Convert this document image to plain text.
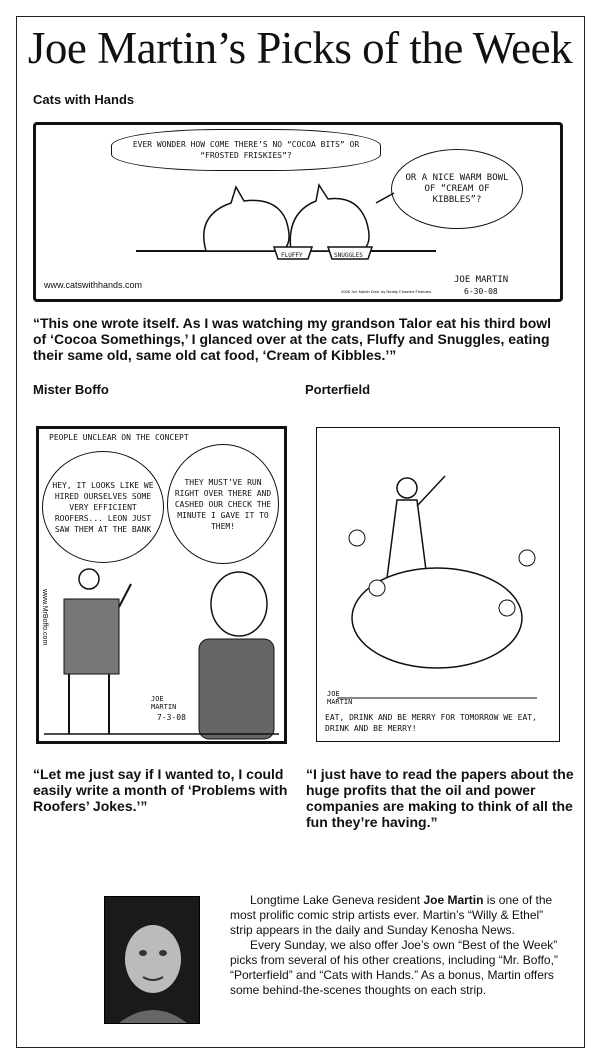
Joe Martin’s Picks of the Week
Cats with Hands
EVER WONDER HOW COME THERE’S NO “COCOA BITS” OR “FROSTED FRISKIES”?
OR A NICE WARM BOWL OF “CREAM OF KIBBLES”?
FLUFFY	SNUGGLES
www.catswithhands.com
2008 Joe Martin Distr. by Neatly Chiseled Features
JOE MARTIN
6-30-08
“This one wrote itself. As I was watching my grandson Talor eat his third bowl of ‘Cocoa Somethings,’ I glanced over at the cats, Fluffy and Snuggles, eating their same old, same old cat food, ‘Cream of Kibbles.’”
Mister Boffo
PEOPLE UNCLEAR ON THE CONCEPT
HEY, IT LOOKS LIKE WE HIRED OURSELVES SOME VERY EFFICIENT ROOFERS... LEON JUST SAW THEM AT THE BANK
THEY MUST’VE RUN RIGHT OVER THERE AND CASHED OUR CHECK THE MINUTE I GAVE IT TO THEM!
www.MrBoffo.com
JOE MARTIN
7-3-08
“Let me just say if I wanted to, I could easily write a month of ‘Problems with Roofers’ Jokes.’”
Porterfield
JOE MARTIN
EAT, DRINK AND BE MERRY FOR TOMORROW WE EAT, DRINK AND BE MERRY!
“I just have to read the papers about the huge profits that the oil and power companies are making to think of all the fun they’re having.”

Longtime Lake Geneva resident Joe Martin is one of the most prolific comic strip artists ever. Martin’s “Willy & Ethel” strip appears in the daily and Sunday Kenosha News.

Every Sunday, we also offer Joe’s own “Best of the Week” picks from several of his other creations, including “Mr. Boffo,” “Porterfield” and “Cats with Hands.” As a bonus, Martin offers some behind-the-scenes thoughts on each strip.
